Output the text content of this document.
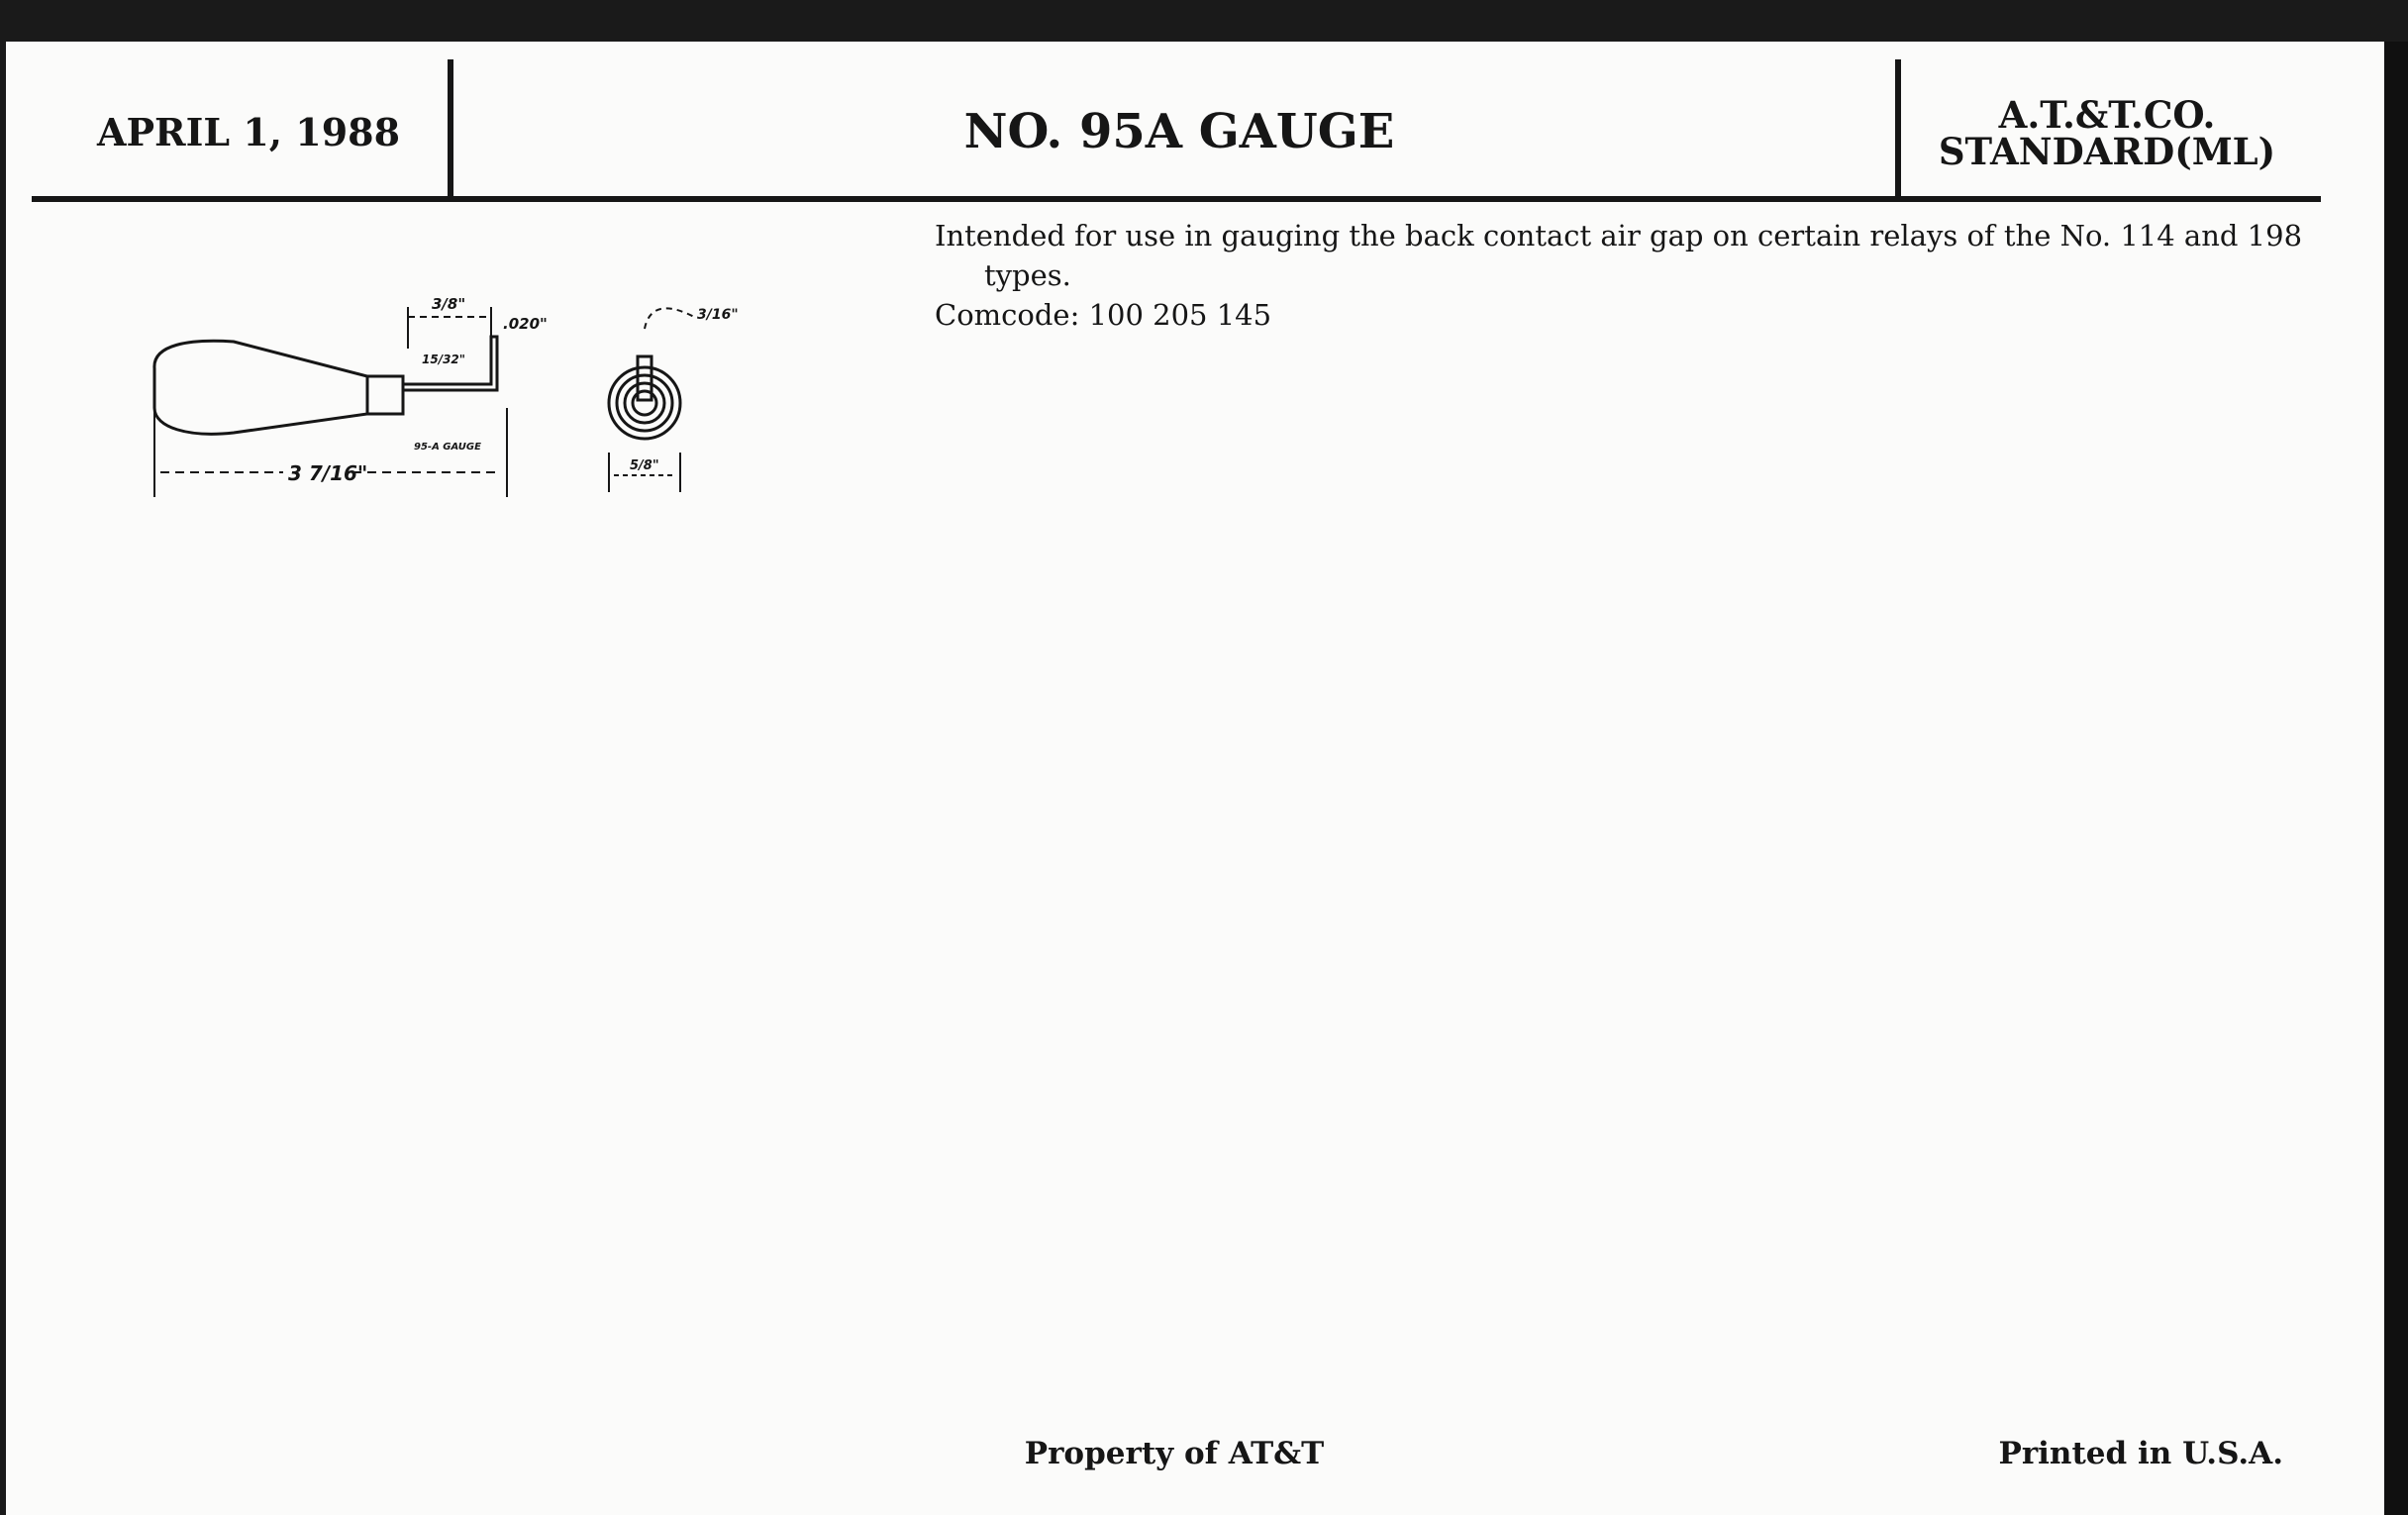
APRIL 1, 1988	NO. 95A GAUGE	A.T.&T.CO.
STANDARD(ML)
3 7/16"
3/8"
.020"
15/32"
95-A GAUGE
3/16"
5/8"

Intended for use in gauging the back contact air gap on certain relays of the No. 114 and 198 types.

Comcode: 100 205 145

Property of AT&T	Printed in U.S.A.
